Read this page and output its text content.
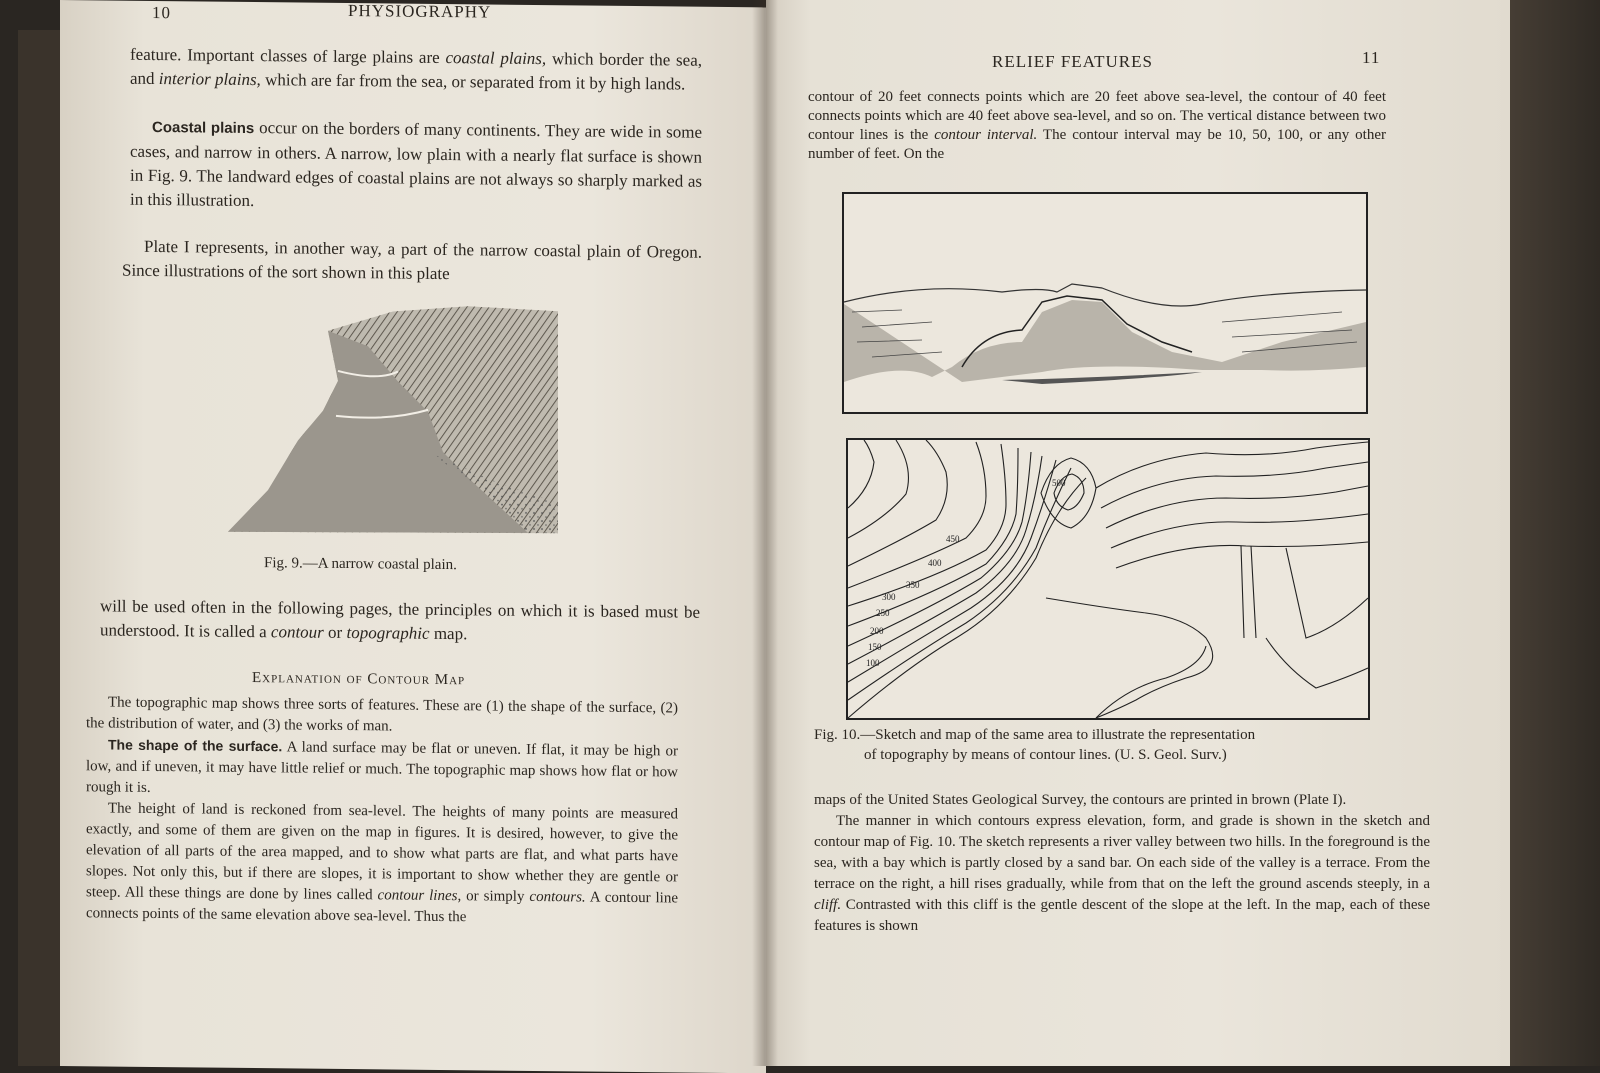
10	PHYSIOGRAPHY

feature. Important classes of large plains are coastal plains, which border the sea, and interior plains, which are far from the sea, or separated from it by high lands.

Coastal plains occur on the borders of many continents. They are wide in some cases, and narrow in others. A narrow, low plain with a nearly flat surface is shown in Fig. 9. The landward edges of coastal plains are not always so sharply marked as in this illustration.

Plate I represents, in another way, a part of the narrow coastal plain of Oregon. Since illustrations of the sort shown in this plate

Fig. 9.—A narrow coastal plain.

will be used often in the following pages, the principles on which it is based must be understood. It is called a contour or topographic map.

Explanation of Contour Map

The topographic map shows three sorts of features. These are (1) the shape of the surface, (2) the distribution of water, and (3) the works of man.

The shape of the surface. A land surface may be flat or uneven. If flat, it may be high or low, and if uneven, it may have little relief or much. The topographic map shows how flat or how rough it is.

The height of land is reckoned from sea-level. The heights of many points are measured exactly, and some of them are given on the map in figures. It is desired, however, to give the elevation of all parts of the area mapped, and to show what parts are flat, and what parts have slopes. Not only this, but if there are slopes, it is important to show whether they are gentle or steep. All these things are done by lines called contour lines, or simply contours. A contour line connects points of the same elevation above sea-level. Thus the

RELIEF FEATURES	11

contour of 20 feet connects points which are 20 feet above sea-level, the contour of 40 feet connects points which are 40 feet above sea-level, and so on. The vertical distance between two contour lines is the contour interval. The contour interval may be 10, 50, 100, or any other number of feet. On the

100
150
200
250
300
350
400
450
500
Fig. 10.—Sketch and map of the same area to illustrate the representation
of topography by means of contour lines. (U. S. Geol. Surv.)

maps of the United States Geological Survey, the contours are printed in brown (Plate I).

The manner in which contours express elevation, form, and grade is shown in the sketch and contour map of Fig. 10. The sketch represents a river valley between two hills. In the foreground is the sea, with a bay which is partly closed by a sand bar. On each side of the valley is a terrace. From the terrace on the right, a hill rises gradually, while from that on the left the ground ascends steeply, in a cliff. Contrasted with this cliff is the gentle descent of the slope at the left. In the map, each of these features is shown
